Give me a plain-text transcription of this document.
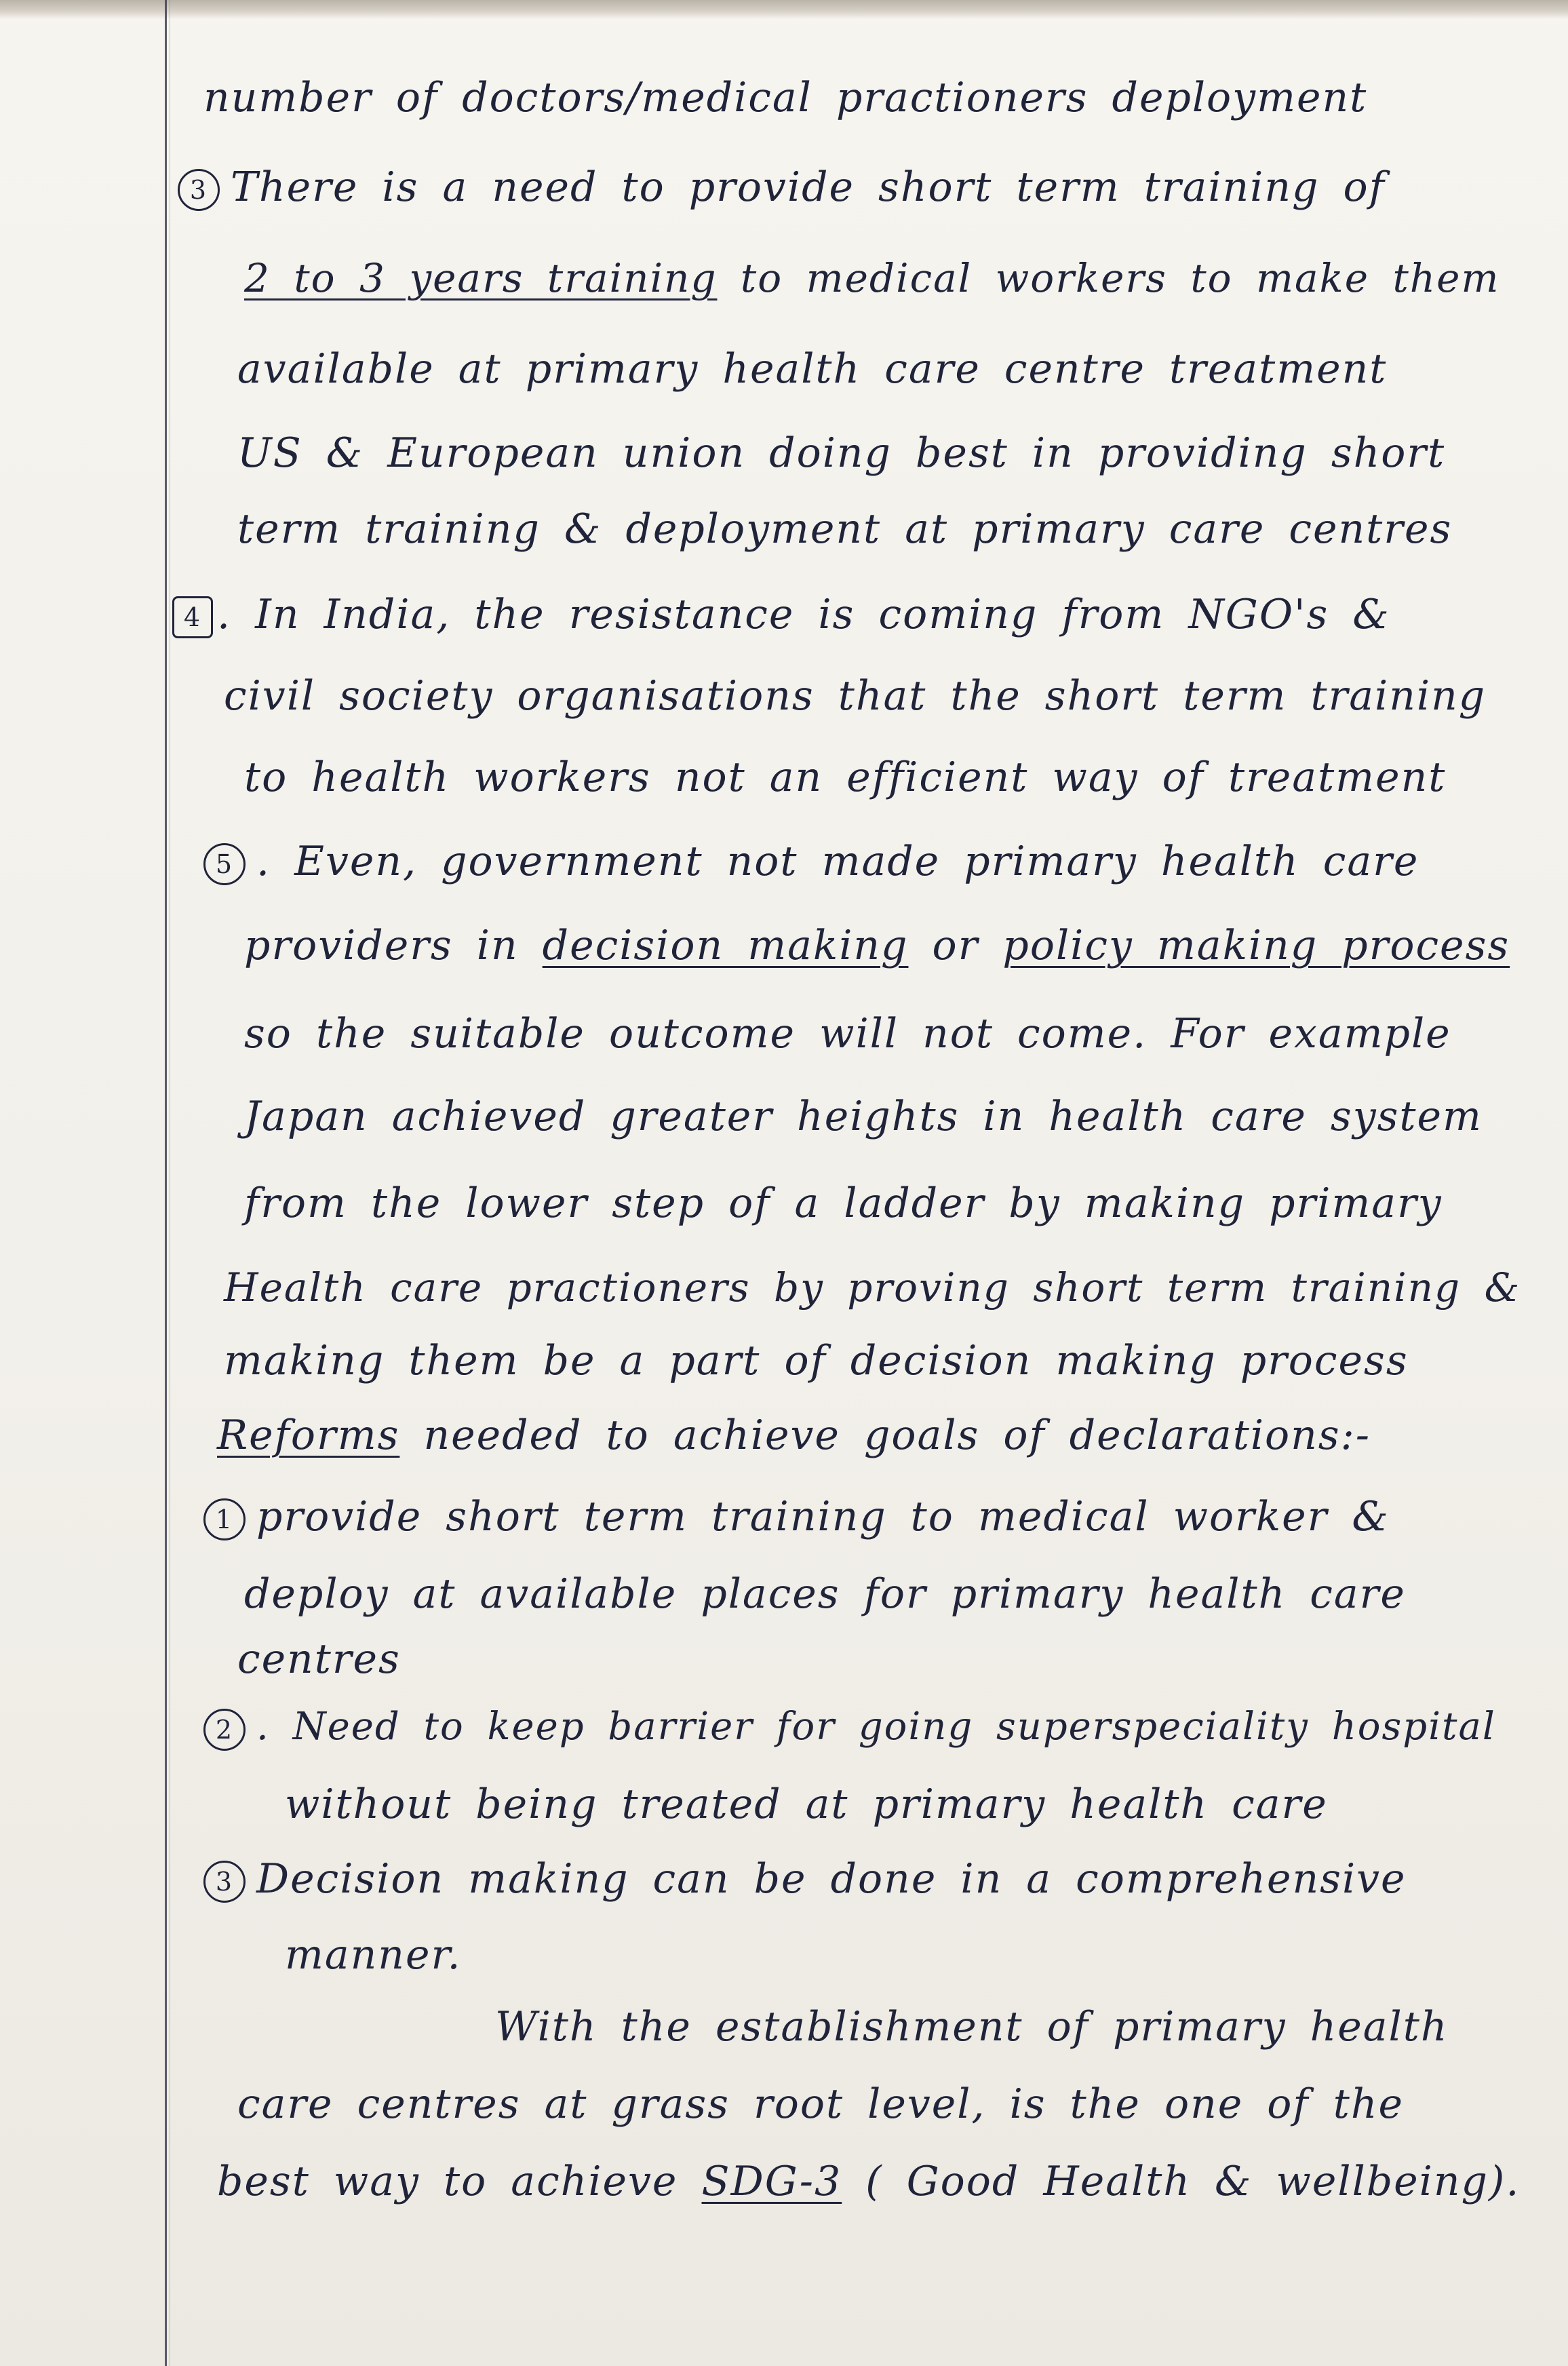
number of doctors/medical practioners deployment
3 There is a need to provide short term training of
2 to 3 years training to medical workers to make them
available at primary health care centre treatment
US & European union doing best in providing short
term training & deployment at primary care centres
4 . In India, the resistance is coming from NGO's &
civil society organisations that the short term training
to health workers not an efficient way of treatment
5 . Even, government not made primary health care
providers in decision making or policy making process
so the suitable outcome will not come. For example
Japan achieved greater heights in health care system
from the lower step of a ladder by making primary
Health care practioners by proving short term training &
making them be a part of decision making process
Reforms needed to achieve goals of declarations:-
1 provide short term training to medical worker &
deploy at available places for primary health care
centres
2 . Need to keep barrier for going superspeciality hospital
without being treated at primary health care
3 Decision making can be done in a comprehensive
manner.
With the establishment of primary health
care centres at grass root level, is the one of the
best way to achieve SDG-3 ( Good Health & wellbeing).
